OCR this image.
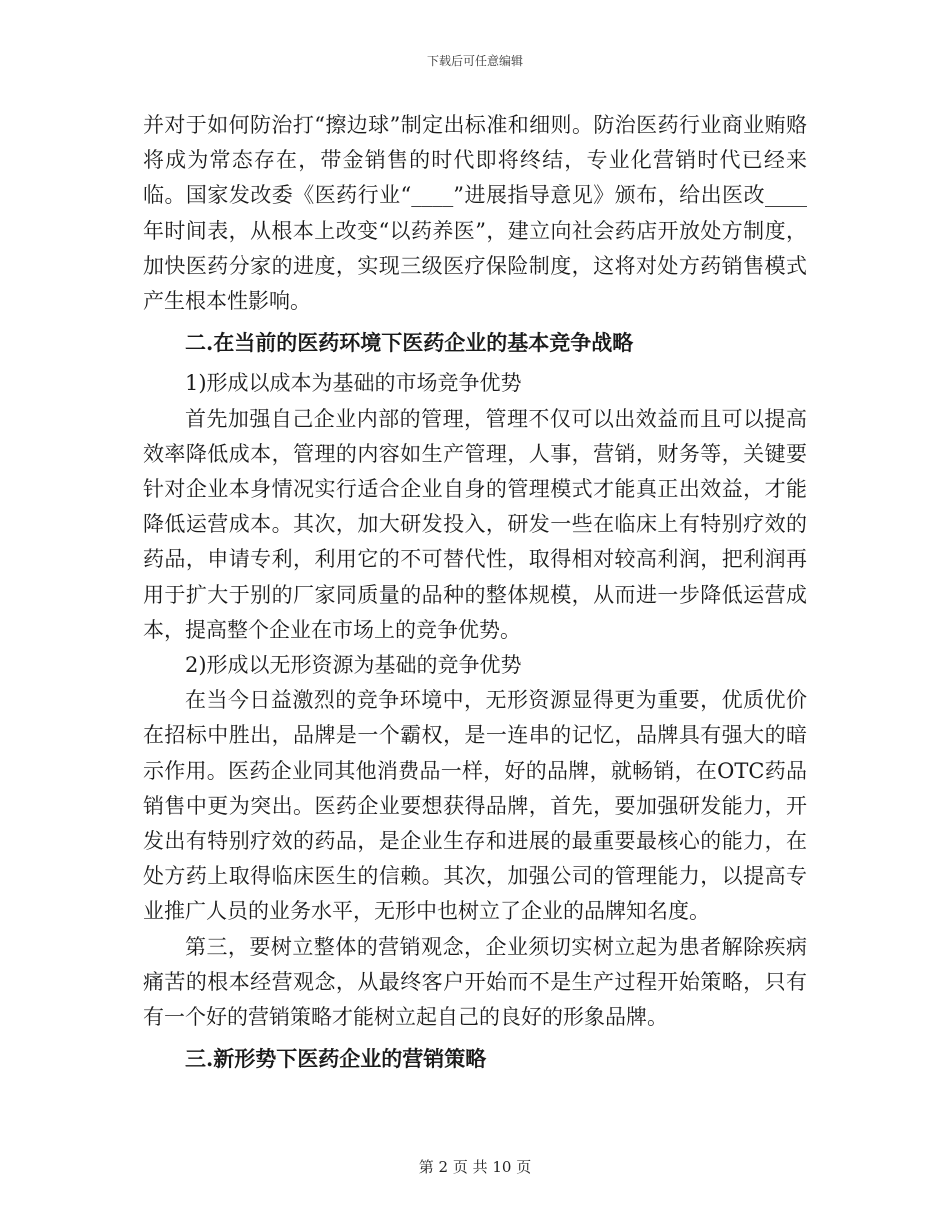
下载后可任意编辑

并对于如何防治打“擦边球”制定出标准和细则。防治医药行业商业贿赂将成为常态存在，带金销售的时代即将终结，专业化营销时代已经来临。国家发改委《医药行业“____”进展指导意见》颁布，给出医改____年时间表，从根本上改变“以药养医”，建立向社会药店开放处方制度，加快医药分家的进度，实现三级医疗保险制度，这将对处方药销售模式产生根本性影响。

二.在当前的医药环境下医药企业的基本竞争战略

1)形成以成本为基础的市场竞争优势

首先加强自己企业内部的管理，管理不仅可以出效益而且可以提高效率降低成本，管理的内容如生产管理，人事，营销，财务等，关键要针对企业本身情况实行适合企业自身的管理模式才能真正出效益，才能降低运营成本。其次，加大研发投入，研发一些在临床上有特别疗效的药品，申请专利，利用它的不可替代性，取得相对较高利润，把利润再用于扩大于别的厂家同质量的品种的整体规模，从而进一步降低运营成本，提高整个企业在市场上的竞争优势。

2)形成以无形资源为基础的竞争优势

在当今日益激烈的竞争环境中，无形资源显得更为重要，优质优价在招标中胜出，品牌是一个霸权，是一连串的记忆，品牌具有强大的暗示作用。医药企业同其他消费品一样，好的品牌，就畅销，在OTC药品销售中更为突出。医药企业要想获得品牌，首先，要加强研发能力，开发出有特别疗效的药品，是企业生存和进展的最重要最核心的能力，在处方药上取得临床医生的信赖。其次，加强公司的管理能力，以提高专业推广人员的业务水平，无形中也树立了企业的品牌知名度。

第三，要树立整体的营销观念，企业须切实树立起为患者解除疾病痛苦的根本经营观念，从最终客户开始而不是生产过程开始策略，只有有一个好的营销策略才能树立起自己的良好的形象品牌。

三.新形势下医药企业的营销策略

第 2 页 共 10 页
